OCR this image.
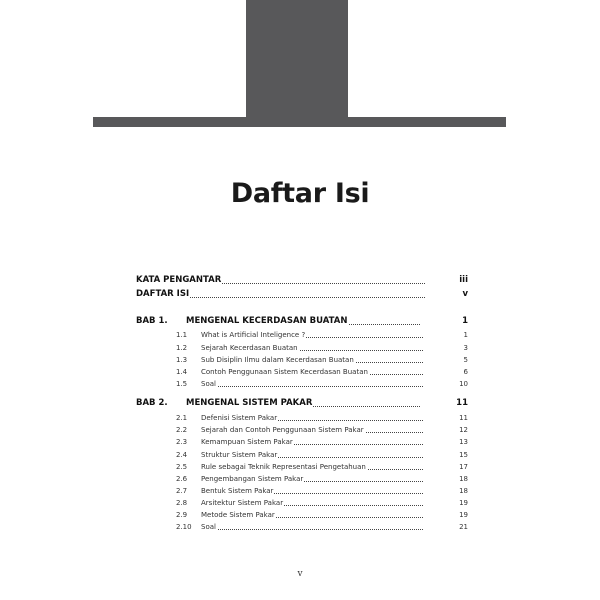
Daftar Isi
KATA PENGANTAR	iii
DAFTAR ISI	v
BAB 1. MENGENAL KECERDASAN BUATAN	1
1.1 What is Artificial Inteligence ?	1
1.2 Sejarah Kecerdasan Buatan	3
1.3 Sub Disiplin Ilmu dalam Kecerdasan Buatan	5
1.4 Contoh Penggunaan Sistem Kecerdasan Buatan	6
1.5 Soal	10
BAB 2. MENGENAL SISTEM PAKAR	11
2.1 Defenisi Sistem Pakar	11
2.2 Sejarah dan Contoh Penggunaan Sistem Pakar	12
2.3 Kemampuan Sistem Pakar	13
2.4 Struktur Sistem Pakar	15
2.5 Rule sebagai Teknik Representasi Pengetahuan	17
2.6 Pengembangan Sistem Pakar	18
2.7 Bentuk Sistem Pakar	18
2.8 Arsitektur Sistem Pakar	19
2.9 Metode Sistem Pakar	19
2.10 Soal	21
v
